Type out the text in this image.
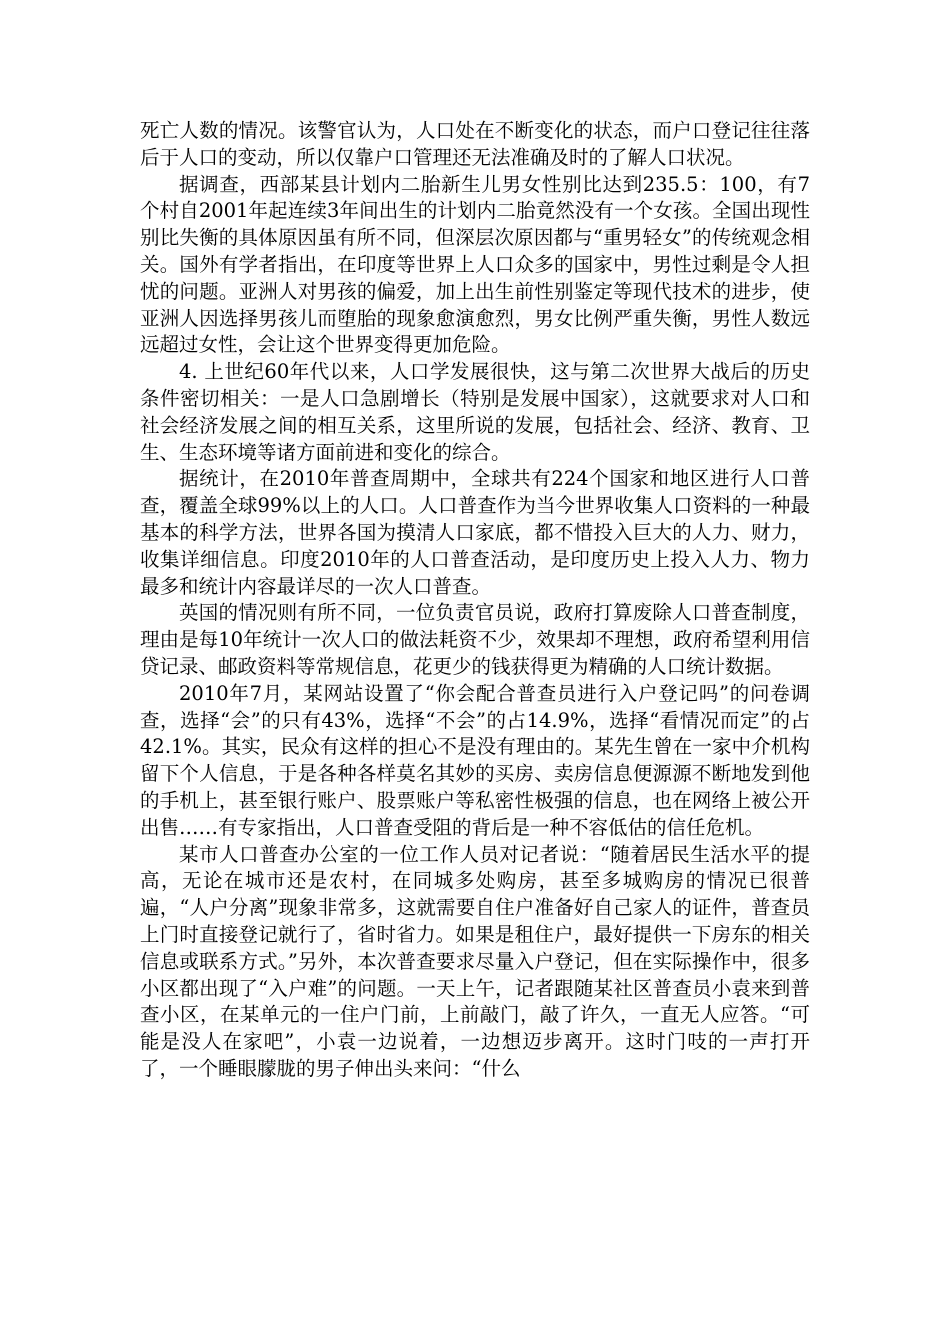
死亡人数的情况。该警官认为，人口处在不断变化的状态，而户口登记往往落后于人口的变动，所以仅靠户口管理还无法准确及时的了解人口状况。

据调查，西部某县计划内二胎新生儿男女性别比达到235.5：100，有7个村自2001年起连续3年间出生的计划内二胎竟然没有一个女孩。全国出现性别比失衡的具体原因虽有所不同，但深层次原因都与“重男轻女”的传统观念相关。国外有学者指出，在印度等世界上人口众多的国家中，男性过剩是令人担忧的问题。亚洲人对男孩的偏爱，加上出生前性别鉴定等现代技术的进步，使亚洲人因选择男孩儿而堕胎的现象愈演愈烈，男女比例严重失衡，男性人数远远超过女性，会让这个世界变得更加危险。

4. 上世纪60年代以来，人口学发展很快，这与第二次世界大战后的历史条件密切相关：一是人口急剧增长（特别是发展中国家），这就要求对人口和社会经济发展之间的相互关系，这里所说的发展，包括社会、经济、教育、卫生、生态环境等诸方面前进和变化的综合。

据统计，在2010年普查周期中，全球共有224个国家和地区进行人口普查，覆盖全球99%以上的人口。人口普查作为当今世界收集人口资料的一种最基本的科学方法，世界各国为摸清人口家底，都不惜投入巨大的人力、财力，收集详细信息。印度2010年的人口普查活动，是印度历史上投入人力、物力最多和统计内容最详尽的一次人口普查。

英国的情况则有所不同，一位负责官员说，政府打算废除人口普查制度，理由是每10年统计一次人口的做法耗资不少，效果却不理想，政府希望利用信贷记录、邮政资料等常规信息，花更少的钱获得更为精确的人口统计数据。

2010年7月，某网站设置了“你会配合普查员进行入户登记吗”的问卷调查，选择“会”的只有43%，选择“不会”的占14.9%，选择“看情况而定”的占42.1%。其实，民众有这样的担心不是没有理由的。某先生曾在一家中介机构留下个人信息，于是各种各样莫名其妙的买房、卖房信息便源源不断地发到他的手机上，甚至银行账户、股票账户等私密性极强的信息，也在网络上被公开出售……有专家指出，人口普查受阻的背后是一种不容低估的信任危机。

某市人口普查办公室的一位工作人员对记者说：“随着居民生活水平的提高，无论在城市还是农村，在同城多处购房，甚至多城购房的情况已很普遍，“人户分离”现象非常多，这就需要自住户准备好自己家人的证件，普查员上门时直接登记就行了，省时省力。如果是租住户，最好提供一下房东的相关信息或联系方式。”另外，本次普查要求尽量入户登记，但在实际操作中，很多小区都出现了“入户难”的问题。一天上午，记者跟随某社区普查员小袁来到普查小区，在某单元的一住户门前，上前敲门，敲了许久，一直无人应答。“可能是没人在家吧”，小袁一边说着，一边想迈步离开。这时门吱的一声打开了，一个睡眼朦胧的男子伸出头来问：“什么
